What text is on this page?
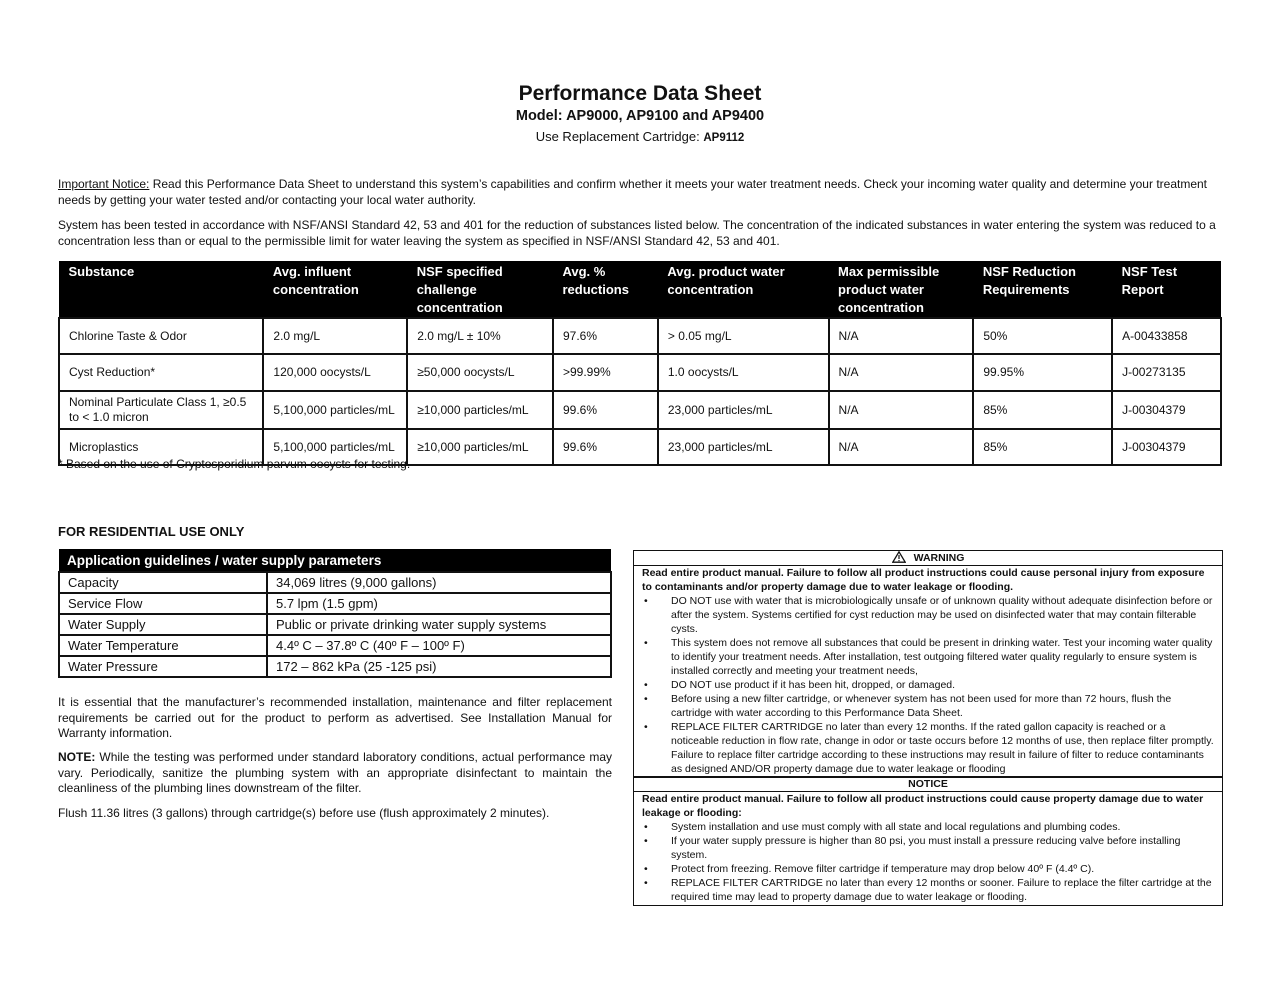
Performance Data Sheet
Model: AP9000, AP9100 and AP9400
Use Replacement Cartridge: AP9112
Important Notice: Read this Performance Data Sheet to understand this system’s capabilities and confirm whether it meets your water treatment needs. Check your incoming water quality and determine your treatment needs by getting your water tested and/or contacting your local water authority.
System has been tested in accordance with NSF/ANSI Standard 42, 53 and 401 for the reduction of substances listed below. The concentration of the indicated substances in water entering the system was reduced to a concentration less than or equal to the permissible limit for water leaving the system as specified in NSF/ANSI Standard 42, 53 and 401.
Substance	Avg. influent concentration	NSF specified challenge concentration	Avg. % reductions	Avg. product water concentration	Max permissible product water concentration	NSF Reduction Requirements	NSF Test Report
Chlorine Taste & Odor	2.0 mg/L	2.0 mg/L ± 10%	97.6%	> 0.05 mg/L	N/A	50%	A-00433858
Cyst Reduction*	120,000 oocysts/L	≥50,000 oocysts/L	>99.99%	1.0 oocysts/L	N/A	99.95%	J-00273135
Nominal Particulate Class 1, ≥0.5 to < 1.0 micron	5,100,000 particles/mL	≥10,000 particles/mL	99.6%	23,000 particles/mL	N/A	85%	J-00304379
Microplastics	5,100,000 particles/mL	≥10,000 particles/mL	99.6%	23,000 particles/mL	N/A	85%	J-00304379
* Based on the use of Cryptosporidium parvum oocysts for testing.
FOR RESIDENTIAL USE ONLY
Application guidelines / water supply parameters	
Capacity	34,069 litres (9,000 gallons)
Service Flow	5.7 lpm (1.5 gpm)
Water Supply	Public or private drinking water supply systems
Water Temperature	4.4º C – 37.8º C (40º F – 100º F)
Water Pressure	172 – 862 kPa (25 -125 psi)
It is essential that the manufacturer’s recommended installation, maintenance and filter replacement requirements be carried out for the product to perform as advertised. See Installation Manual for Warranty information.
NOTE: While the testing was performed under standard laboratory conditions, actual performance may vary. Periodically, sanitize the plumbing system with an appropriate disinfectant to maintain the cleanliness of the plumbing lines downstream of the filter.
Flush 11.36 litres (3 gallons) through cartridge(s) before use (flush approximately 2 minutes).
WARNING
Read entire product manual. Failure to follow all product instructions could cause personal injury from exposure to contaminants and/or property damage due to water leakage or flooding.
• DO NOT use with water that is microbiologically unsafe or of unknown quality without adequate disinfection before or after the system. Systems certified for cyst reduction may be used on disinfected water that may contain filterable cysts.
• This system does not remove all substances that could be present in drinking water. Test your incoming water quality to identify your treatment needs. After installation, test outgoing filtered water quality regularly to ensure system is installed correctly and meeting your treatment needs,
• DO NOT use product if it has been hit, dropped, or damaged.
• Before using a new filter cartridge, or whenever system has not been used for more than 72 hours, flush the cartridge with water according to this Performance Data Sheet.
• REPLACE FILTER CARTRIDGE no later than every 12 months. If the rated gallon capacity is reached or a noticeable reduction in flow rate, change in odor or taste occurs before 12 months of use, then replace filter promptly. Failure to replace filter cartridge according to these instructions may result in failure of filter to reduce contaminants as designed AND/OR property damage due to water leakage or flooding
NOTICE
Read entire product manual. Failure to follow all product instructions could cause property damage due to water leakage or flooding:
• System installation and use must comply with all state and local regulations and plumbing codes.
• If your water supply pressure is higher than 80 psi, you must install a pressure reducing valve before installing system.
• Protect from freezing. Remove filter cartridge if temperature may drop below 40º F (4.4º C).
• REPLACE FILTER CARTRIDGE no later than every 12 months or sooner. Failure to replace the filter cartridge at the required time may lead to property damage due to water leakage or flooding.
